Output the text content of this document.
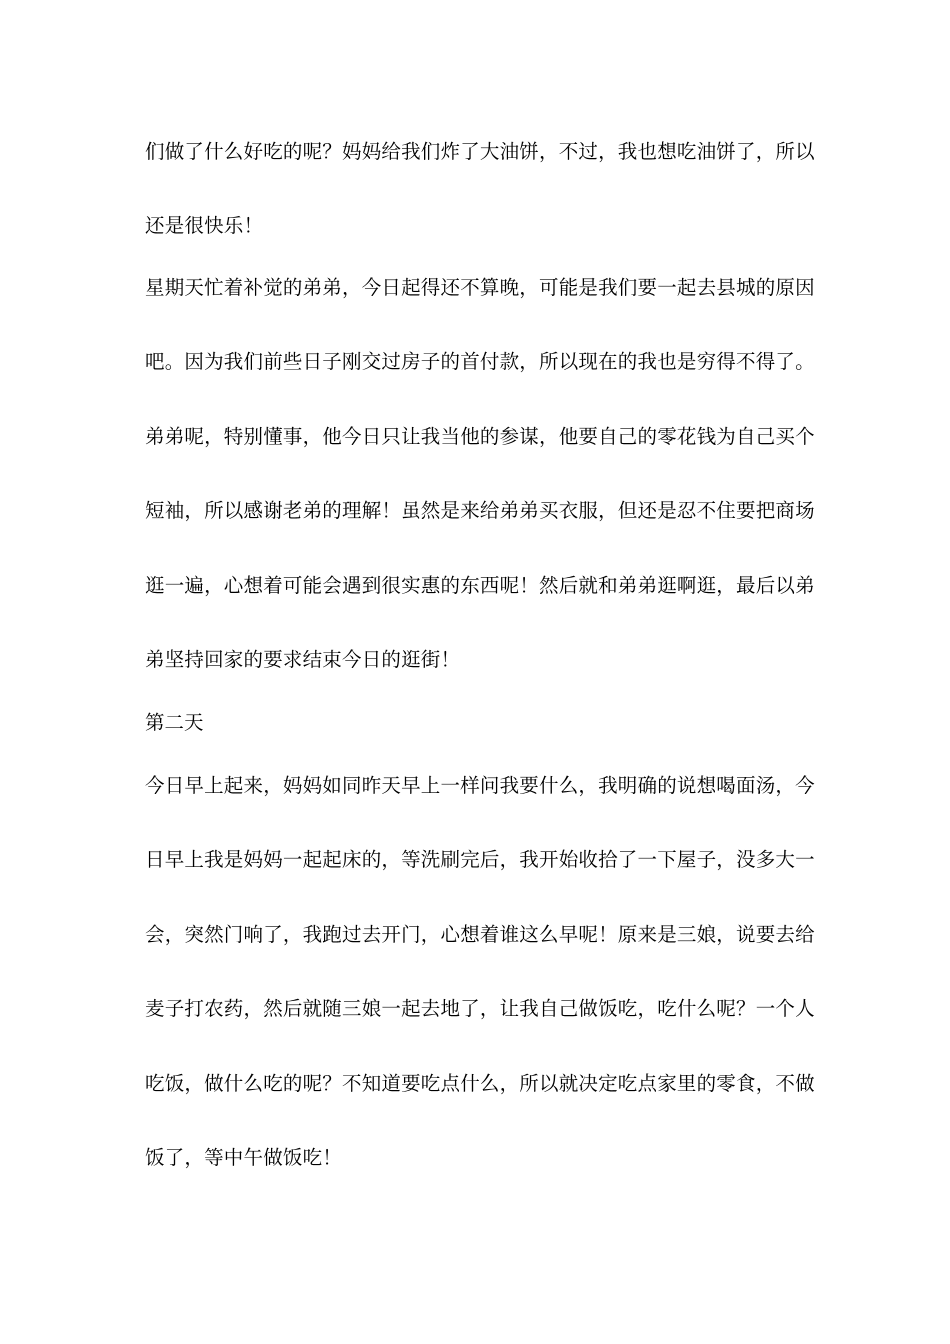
们做了什么好吃的呢？妈妈给我们炸了大油饼，不过，我也想吃油饼了，所以
还是很快乐！
星期天忙着补觉的弟弟，今日起得还不算晚，可能是我们要一起去县城的原因
吧。因为我们前些日子刚交过房子的首付款，所以现在的我也是穷得不得了。
弟弟呢，特别懂事，他今日只让我当他的参谋，他要自己的零花钱为自己买个
短袖，所以感谢老弟的理解！虽然是来给弟弟买衣服，但还是忍不住要把商场
逛一遍，心想着可能会遇到很实惠的东西呢！然后就和弟弟逛啊逛，最后以弟
弟坚持回家的要求结束今日的逛街！
第二天
今日早上起来，妈妈如同昨天早上一样问我要什么，我明确的说想喝面汤，今
日早上我是妈妈一起起床的，等洗刷完后，我开始收拾了一下屋子，没多大一
会，突然门响了，我跑过去开门，心想着谁这么早呢！原来是三娘，说要去给
麦子打农药，然后就随三娘一起去地了，让我自己做饭吃，吃什么呢？一个人
吃饭，做什么吃的呢？不知道要吃点什么，所以就决定吃点家里的零食，不做
饭了，等中午做饭吃！
